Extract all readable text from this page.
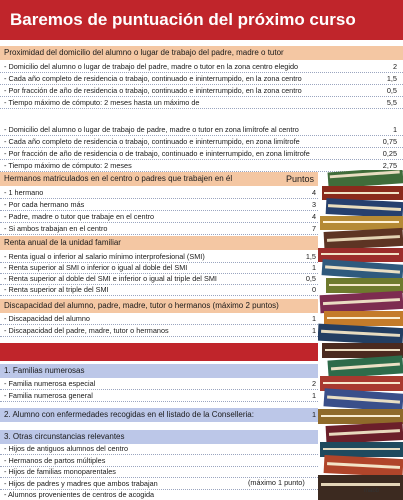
Baremos de puntuación del próximo curso
Proximidad del domicilio del alumno o lugar de trabajo del padre, madre o tutor
- Domicilio del alumno o lugar de trabajo del padre, madre o tutor en la zona centro elegido	2
- Cada año completo de residencia o trabajo, continuado e ininterrumpido, en la zona centro	1,5
- Por fracción de año de residencia o trabajo, continuado e ininterrumpido, en la zona centro	0,5
- Tiempo máximo de cómputo: 2 meses hasta un máximo de	5,5
- Domicilio del alumno o lugar de trabajo de padre, madre o tutor en zona limítrofe al centro	1
- Cada año completo de residencia o trabajo, continuado e ininterrumpido, en zona limítrofe	0,75
- Por fracción de año de residencia o de trabajo, continuado e ininterrumpido, en zona limítrofe	0,25
- Tiempo máximo de cómputo: 2 meses	2,75
Hermanos matriculados en el centro o padres que trabajen en él	Puntos
- 1 hermano	4
- Por cada hermano más	3
- Padre, madre o tutor que trabaje en el centro	4
- Si ambos trabajan en el centro	7
Renta anual de la unidad familiar
- Renta igual o inferior al salario mínimo interprofesional (SMI)	1,5
- Renta superior al SMI o inferior o igual al doble del SMI	1
- Renta superior al doble del SMI e inferior o igual al triple del SMI	0,5
- Renta superior al triple del SMI	0
Discapacidad del alumno, padre, madre, tutor o hermanos (máximo 2 puntos)
- Discapacidad del alumno	1
- Discapacidad del padre, madre, tutor o hermanos	1
1. Familias numerosas
- Familia numerosa especial	2
- Familia numerosa general	1
2. Alumno con enfermedades recogidas en el listado de la Conselleria:	1
3. Otras circunstancias relevantes
- Hijos de antiguos alumnos del centro
- Hermanos de partos múltiples
- Hijos de familias monoparentales
- Hijos de padres y madres que ambos trabajan
- Alumnos provenientes de centros de acogida
(máximo 1 punto)
mabb
